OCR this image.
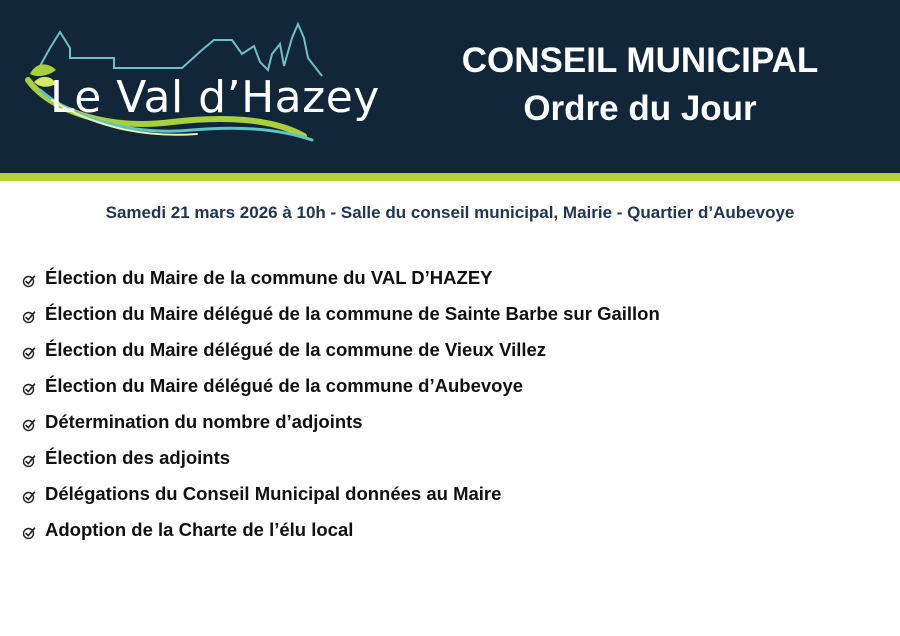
Le Val d’Hazey
CONSEIL MUNICIPAL
Ordre du Jour
Samedi 21 mars 2026 à 10h - Salle du conseil municipal, Mairie - Quartier d’Aubevoye
Élection du Maire de la commune du VAL D’HAZEY
Élection du Maire délégué de la commune de Sainte Barbe sur Gaillon
Élection du Maire délégué de la commune de Vieux Villez
Élection du Maire délégué de la commune d’Aubevoye
Détermination du nombre d’adjoints
Élection des adjoints
Délégations du Conseil Municipal données au Maire
Adoption de la Charte de l’élu local
